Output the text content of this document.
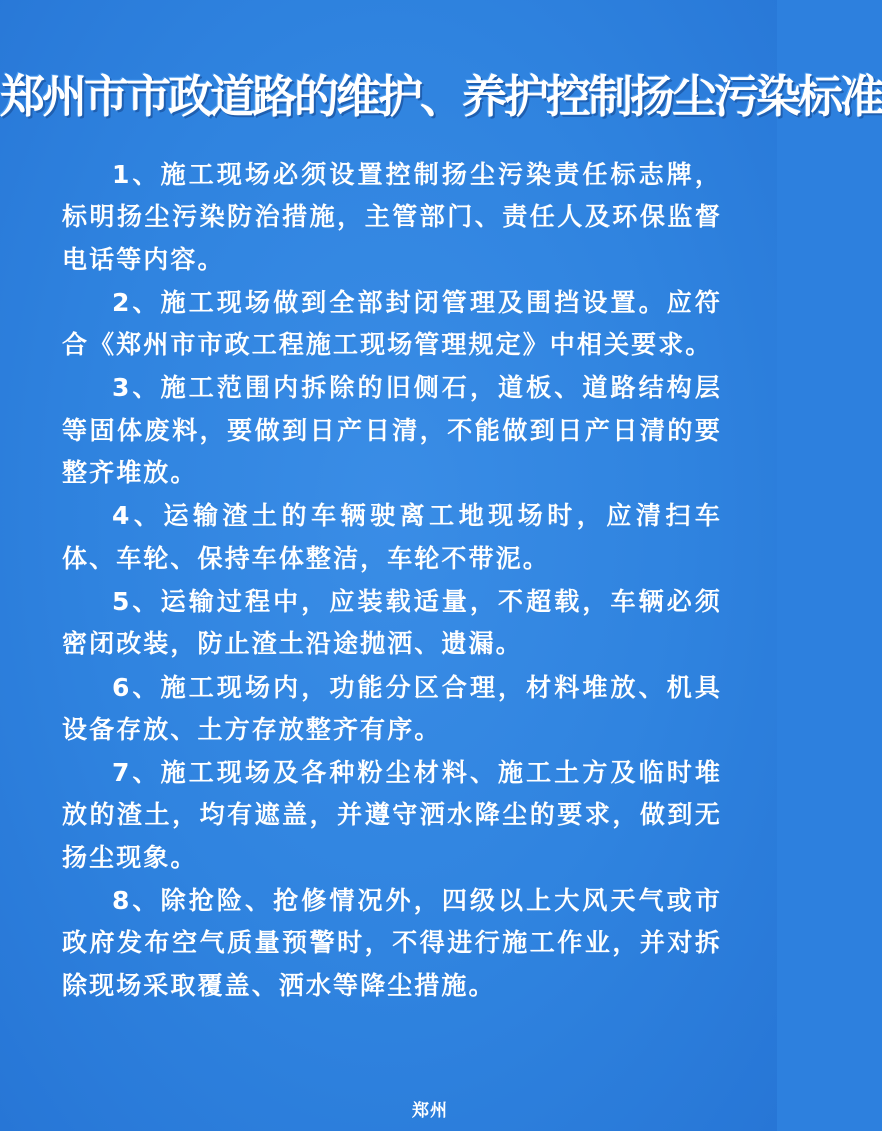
郑州市市政道路的维护、养护控制扬尘污染标准

1、施工现场必须设置控制扬尘污染责任标志牌，标明扬尘污染防治措施，主管部门、责任人及环保监督电话等内容。

2、施工现场做到全部封闭管理及围挡设置。应符合《郑州市市政工程施工现场管理规定》中相关要求。

3、施工范围内拆除的旧侧石，道板、道路结构层等固体废料，要做到日产日清，不能做到日产日清的要整齐堆放。

4、运输渣土的车辆驶离工地现场时，应清扫车体、车轮、保持车体整洁，车轮不带泥。

5、运输过程中，应装载适量，不超载，车辆必须密闭改装，防止渣土沿途抛洒、遗漏。

6、施工现场内，功能分区合理，材料堆放、机具设备存放、土方存放整齐有序。

7、施工现场及各种粉尘材料、施工土方及临时堆放的渣土，均有遮盖，并遵守洒水降尘的要求，做到无扬尘现象。

8、除抢险、抢修情况外，四级以上大风天气或市政府发布空气质量预警时，不得进行施工作业，并对拆除现场采取覆盖、洒水等降尘措施。

郑州
